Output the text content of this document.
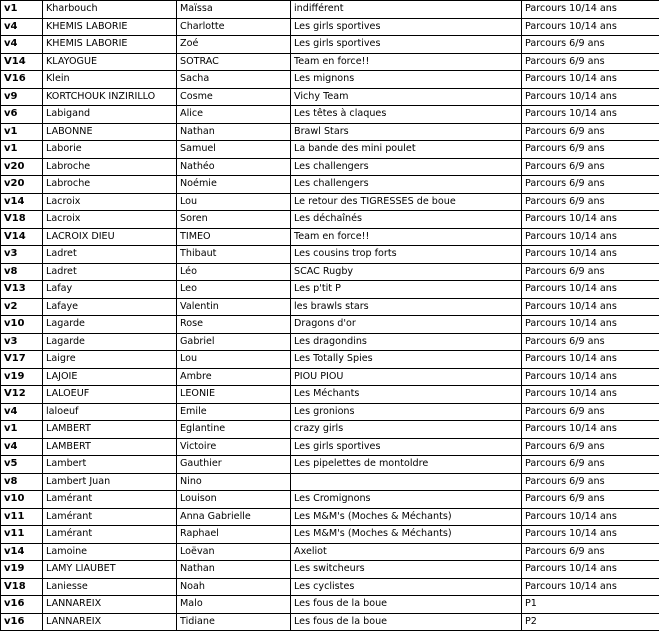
v1	Kharbouch	Maïssa	indifférent	Parcours 10/14 ans
v4	KHEMIS LABORIE	Charlotte	Les girls sportives	Parcours 10/14 ans
v4	KHEMIS LABORIE	Zoé	Les girls sportives	Parcours 6/9 ans
V14	KLAYOGUE	SOTRAC	Team en force!!	Parcours 6/9 ans
V16	Klein	Sacha	Les mignons	Parcours 10/14 ans
v9	KORTCHOUK INZIRILLO	Cosme	Vichy Team	Parcours 10/14 ans
v6	Labigand	Alice	Les têtes à claques	Parcours 10/14 ans
v1	LABONNE	Nathan	Brawl Stars	Parcours 6/9 ans
v1	Laborie	Samuel	La bande des mini poulet	Parcours 6/9 ans
v20	Labroche	Nathéo	Les challengers	Parcours 6/9 ans
v20	Labroche	Noémie	Les challengers	Parcours 6/9 ans
v14	Lacroix	Lou	Le retour des TIGRESSES de boue	Parcours 6/9 ans
V18	Lacroix	Soren	Les déchaînés	Parcours 10/14 ans
V14	LACROIX DIEU	TIMEO	Team en force!!	Parcours 10/14 ans
v3	Ladret	Thibaut	Les cousins trop forts	Parcours 10/14 ans
v8	Ladret	Léo	SCAC Rugby	Parcours 6/9 ans
V13	Lafay	Leo	Les p'tit P	Parcours 10/14 ans
v2	Lafaye	Valentin	les brawls stars	Parcours 10/14 ans
v10	Lagarde	Rose	Dragons d'or	Parcours 10/14 ans
v3	Lagarde	Gabriel	Les dragondins	Parcours 6/9 ans
V17	Laigre	Lou	Les Totally Spies	Parcours 10/14 ans
v19	LAJOIE	Ambre	PIOU PIOU	Parcours 10/14 ans
V12	LALOEUF	LEONIE	Les Méchants	Parcours 10/14 ans
v4	laloeuf	Emile	Les gronions	Parcours 6/9 ans
v1	LAMBERT	Eglantine	crazy girls	Parcours 10/14 ans
v4	LAMBERT	Victoire	Les girls sportives	Parcours 6/9 ans
v5	Lambert	Gauthier	Les pipelettes de montoldre	Parcours 6/9 ans
v8	Lambert Juan	Nino		Parcours 6/9 ans
v10	Lamérant	Louison	Les Cromignons	Parcours 6/9 ans
v11	Lamérant	Anna Gabrielle	Les M&M's (Moches & Méchants)	Parcours 10/14 ans
v11	Lamérant	Raphael	Les M&M's (Moches & Méchants)	Parcours 10/14 ans
v14	Lamoine	Loëvan	Axeliot	Parcours 6/9 ans
v19	LAMY LIAUBET	Nathan	Les switcheurs	Parcours 10/14 ans
V18	Laniesse	Noah	Les cyclistes	Parcours 10/14 ans
v16	LANNAREIX	Malo	Les fous de la boue	P1
v16	LANNAREIX	Tidiane	Les fous de la boue	P2
